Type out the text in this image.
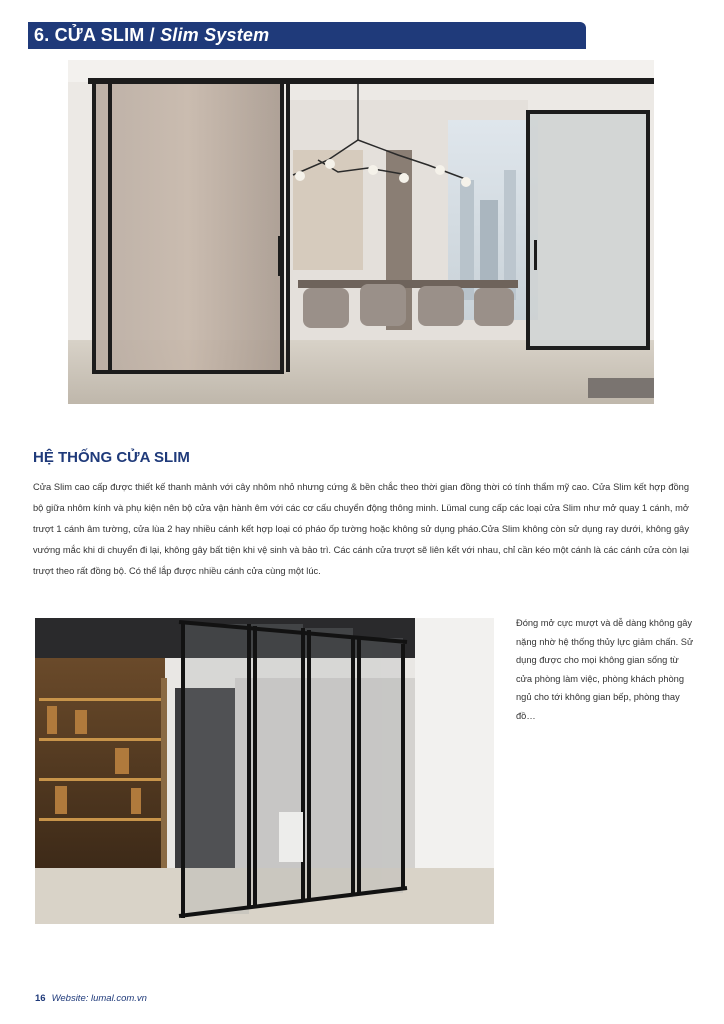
6. CỬA SLIM / Slim System
HỆ THỐNG CỬA SLIM

Cửa Slim cao cấp được thiết kế thanh mảnh với cây nhôm nhỏ nhưng cứng & bền chắc theo thời gian đồng thời có tính thẩm mỹ cao. Cửa Slim kết hợp đồng bộ giữa nhôm kính và phụ kiện nên bộ cửa vận hành êm với các cơ cấu chuyển động thông minh. Lümal cung cấp các loại cửa Slim như mở quay 1 cánh, mở trượt 1 cánh âm tường, cửa lùa 2 hay nhiều cánh kết hợp loại có pháo ốp tường hoặc không sử dụng pháo.Cửa Slim không còn sử dụng ray dưới, không gây vướng mắc khi di chuyển đi lại, không gây bất tiện khi vệ sinh và bảo trì. Các cánh cửa trượt sẽ liên kết với nhau, chỉ cần kéo một cánh là các cánh cửa còn lại trượt theo rất đồng bộ. Có thể lắp được nhiều cánh cửa cùng một lúc.

Đóng mở cực mượt và dễ dàng không gây nặng nhờ hệ thống thủy lực giảm chấn. Sử dụng được cho mọi không gian sống từ cửa phòng làm việc, phòng khách phòng ngủ cho tới không gian bếp, phòng thay đồ…

16 Website: lumal.com.vn
